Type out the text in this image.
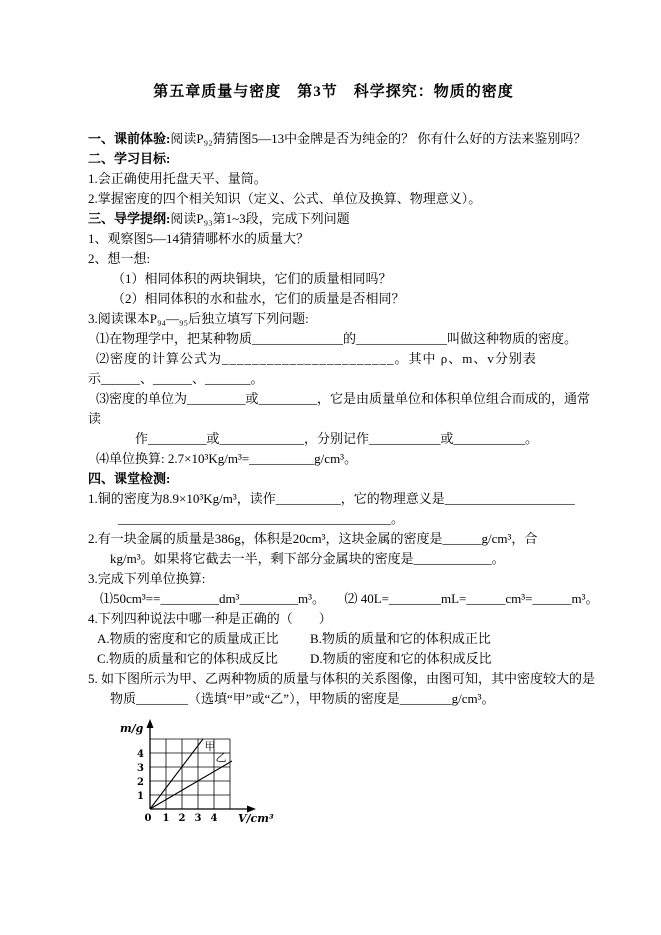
第五章质量与密度　第3节　科学探究：物质的密度
一、课前体验:阅读P₉₂猜猜图5—13中金牌是否为纯金的？ 你有什么好的方法来鉴别吗？
二、学习目标:
1.会正确使用托盘天平、量筒。
2.掌握密度的四个相关知识（定义、公式、单位及换算、物理意义）。
三、导学提纲:阅读P₉₃第1~3段，完成下列问题
1、观察图5—14猜猜哪杯水的质量大？
2、想一想:
（1）相同体积的两块铜块，它们的质量相同吗？
（2）相同体积的水和盐水，它们的质量是否相同？
3.阅读课本P₉₄—₉₅后独立填写下列问题:
⑴在物理学中，把某种物质______________的______________叫做这种物质的密度。
⑵密度的计算公式为_______________________。其中 ρ、m、v分别表
示______、______、_______。
⑶密度的单位为_________或_________，它是由质量单位和体积单位组合而成的，通常
读
作_________或_____________，分别记作___________或___________。
⑷单位换算: 2.7×10³Kg/m³=__________g/cm³。
四、课堂检测:
1.铜的密度为8.9×10³Kg/m³，读作__________，它的物理意义是____________________
__________________________________________。
2.有一块金属的质量是386g，体积是20cm³，这块金属的密度是______g/cm³，合
kg/m³。如果将它截去一半，剩下部分金属块的密度是____________。
3.完成下列单位换算:
⑴50cm³==_________dm³_________m³。　　⑵ 40L=________mL=______cm³=______m³。
4.下列四种说法中哪一种是正确的（　　）
A.物质的密度和它的质量成正比 B.物质的质量和它的体积成正比
C.物质的质量和它的体积成反比 D.物质的密度和它的体积成反比
5. 如下图所示为甲、乙两种物质的质量与体积的关系图像，由图可知，其中密度较大的是
物质________（选填“甲”或“乙”），甲物质的密度是________g/cm³。
甲
乙
m/g
V/cm³
0 1 2 3 4
1
2
3
4
